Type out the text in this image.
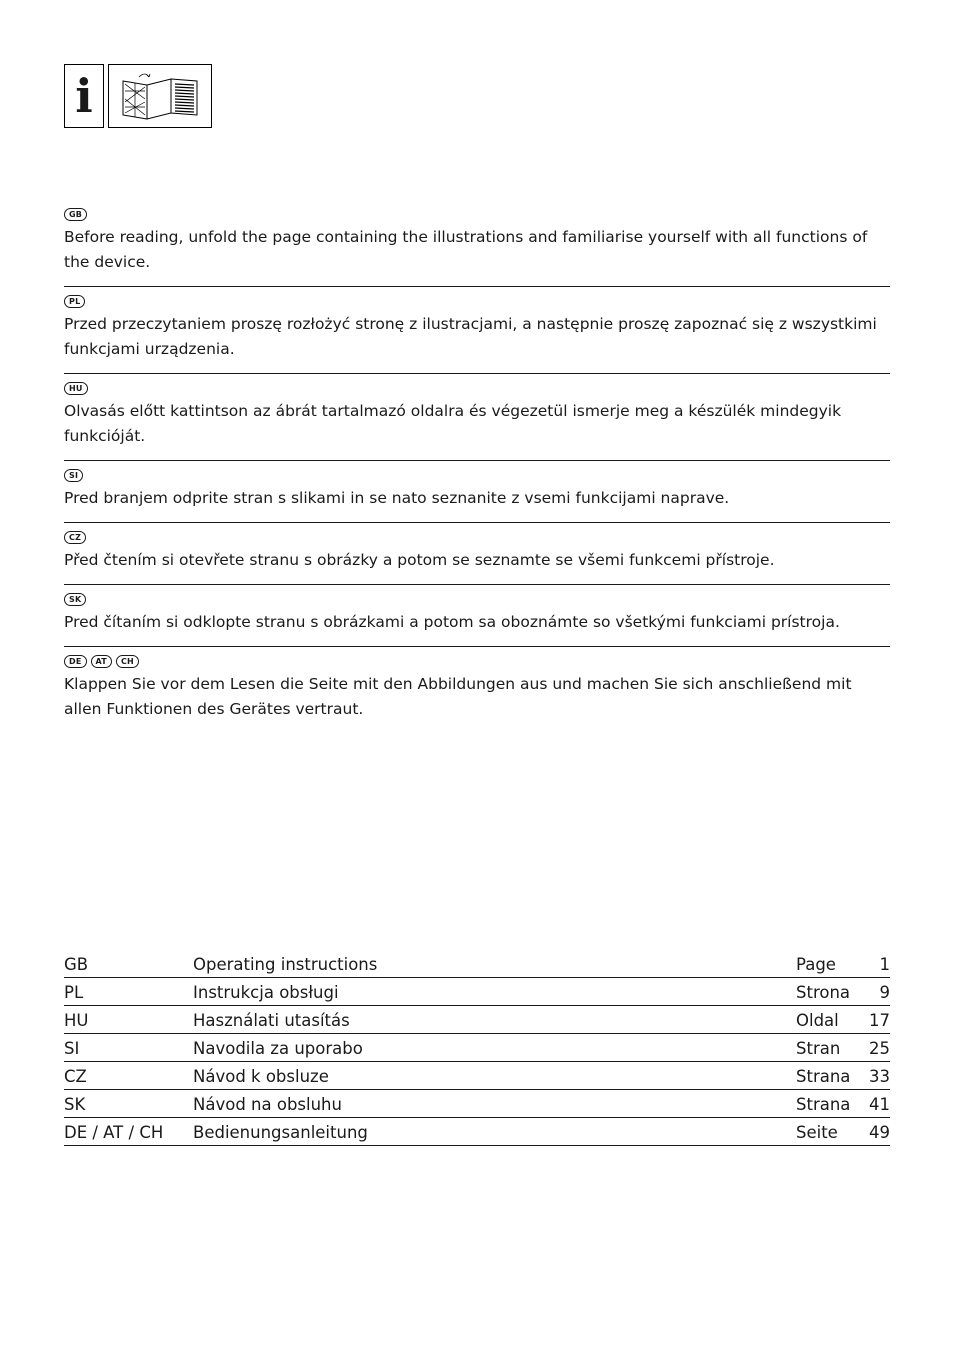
i
GB
Before reading, unfold the page containing the illustrations and familiarise yourself with all functions of the device.
PL
Przed przeczytaniem proszę rozłożyć stronę z ilustracjami, a następnie proszę zapoznać się z wszystkimi funkcjami urządzenia.
HU
Olvasás előtt kattintson az ábrát tartalmazó oldalra és végezetül ismerje meg a készülék mindegyik funkcióját.
SI
Pred branjem odprite stran s slikami in se nato seznanite z vsemi funkcijami naprave.
CZ
Před čtením si otevřete stranu s obrázky a potom se seznamte se všemi funkcemi přístroje.
SK
Pred čítaním si odklopte stranu s obrázkami a potom sa oboznámte so všetkými funkciami prístroja.
DE	AT	CH
Klappen Sie vor dem Lesen die Seite mit den Abbildungen aus und machen Sie sich anschließend mit allen Funktionen des Gerätes vertraut.
GB	Operating instructions	Page	1
PL	Instrukcja obsługi	Strona	9
HU	Használati utasítás	Oldal	17
SI	Navodila za uporabo	Stran	25
CZ	Návod k obsluze	Strana	33
SK	Návod na obsluhu	Strana	41
DE / AT / CH	Bedienungsanleitung	Seite	49
